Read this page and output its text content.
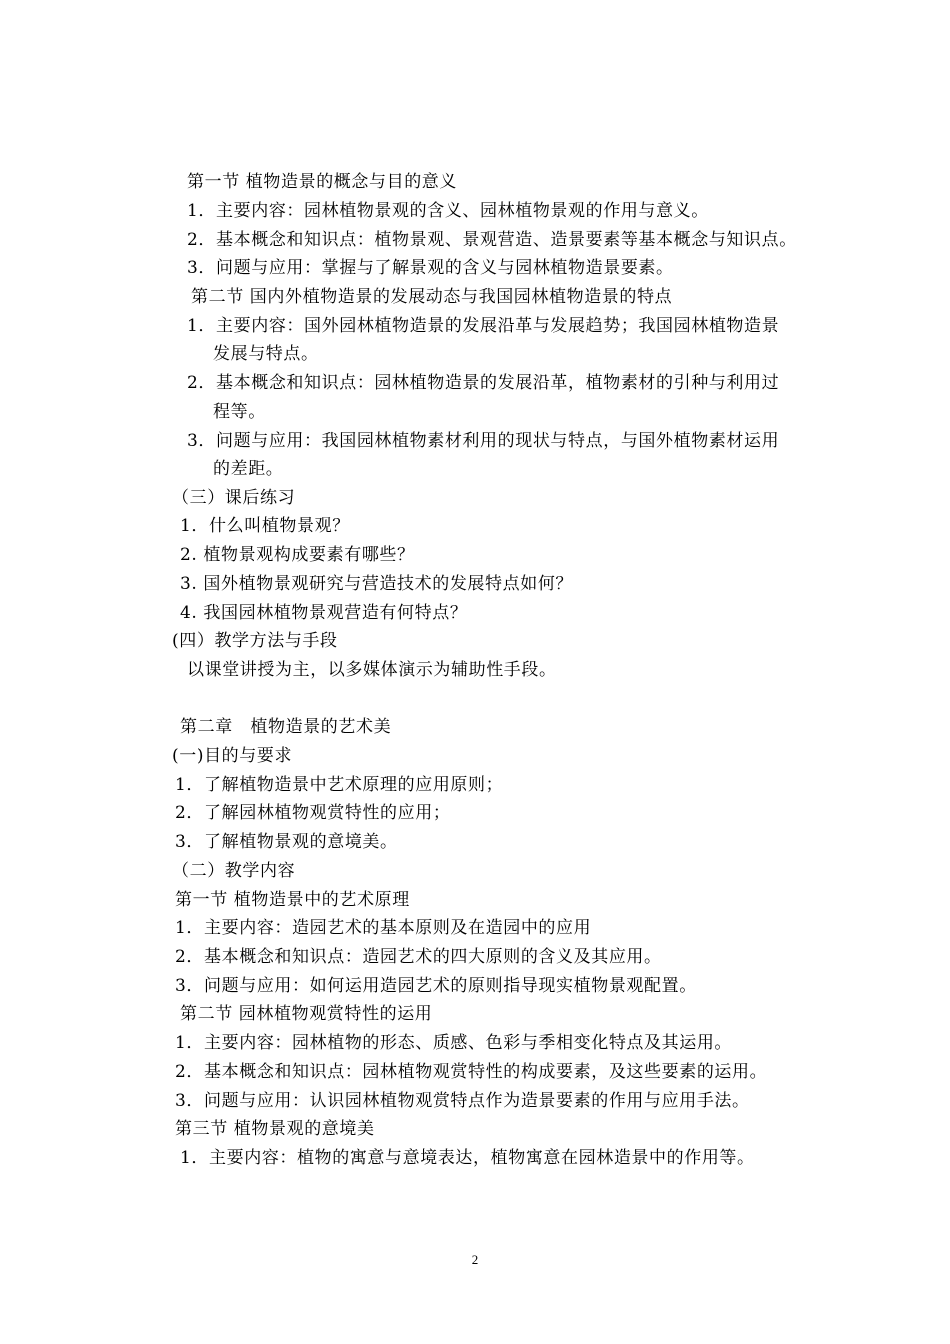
第一节 植物造景的概念与目的意义
1．主要内容：园林植物景观的含义、园林植物景观的作用与意义。
2．基本概念和知识点：植物景观、景观营造、造景要素等基本概念与知识点。
3．问题与应用：掌握与了解景观的含义与园林植物造景要素。
第二节 国内外植物造景的发展动态与我国园林植物造景的特点
1．主要内容：国外园林植物造景的发展沿革与发展趋势；我国园林植物造景
发展与特点。
2．基本概念和知识点：园林植物造景的发展沿革，植物素材的引种与利用过
程等。
3．问题与应用：我国园林植物素材利用的现状与特点，与国外植物素材运用
的差距。
（三）课后练习
1．什么叫植物景观？
2. 植物景观构成要素有哪些？
3. 国外植物景观研究与营造技术的发展特点如何？
4. 我国园林植物景观营造有何特点？
(四）教学方法与手段
以课堂讲授为主，以多媒体演示为辅助性手段。
第二章　植物造景的艺术美
(一)目的与要求
1．了解植物造景中艺术原理的应用原则；
2．了解园林植物观赏特性的应用；
3．了解植物景观的意境美。
（二）教学内容
第一节 植物造景中的艺术原理
1．主要内容：造园艺术的基本原则及在造园中的应用
2．基本概念和知识点：造园艺术的四大原则的含义及其应用。
3．问题与应用：如何运用造园艺术的原则指导现实植物景观配置。
第二节 园林植物观赏特性的运用
1．主要内容：园林植物的形态、质感、色彩与季相变化特点及其运用。
2．基本概念和知识点：园林植物观赏特性的构成要素，及这些要素的运用。
3．问题与应用：认识园林植物观赏特点作为造景要素的作用与应用手法。
第三节 植物景观的意境美
1．主要内容：植物的寓意与意境表达，植物寓意在园林造景中的作用等。
2
